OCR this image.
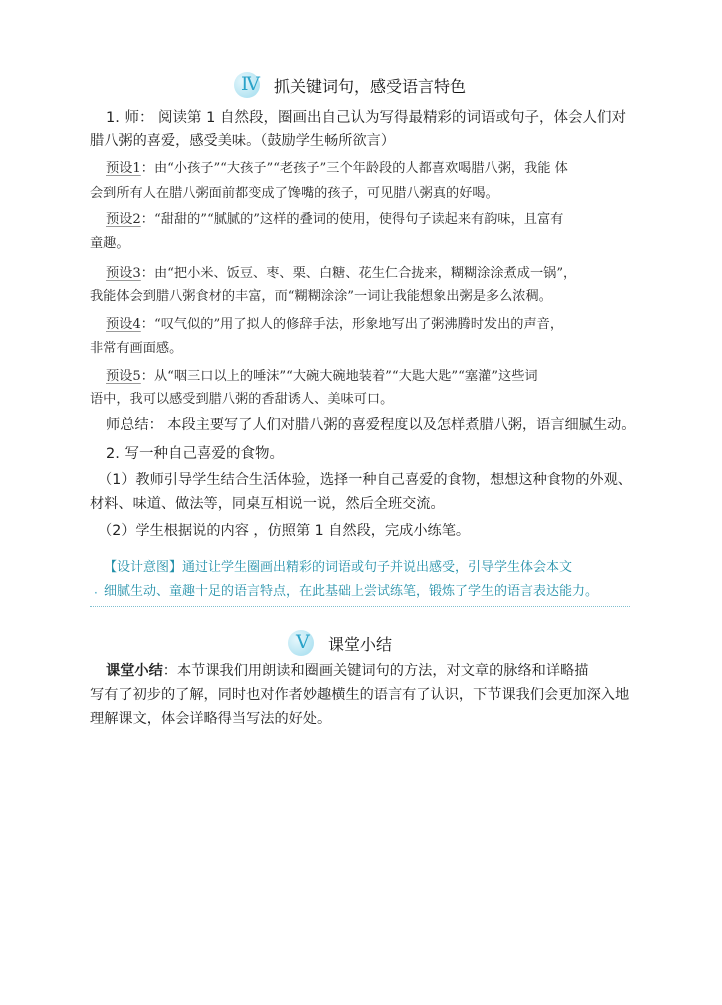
Ⅳ 抓关键词句，感受语言特色
1. 师： 阅读第 1 自然段，圈画出自己认为写得最精彩的词语或句子，体会人们对
腊八粥的喜爱，感受美味。（鼓励学生畅所欲言）
预设1：由“小孩子”“大孩子”“老孩子”三个年龄段的人都喜欢喝腊八粥，我能 体
会到所有人在腊八粥面前都变成了馋嘴的孩子，可见腊八粥真的好喝。
预设2：“甜甜的”“腻腻的”这样的叠词的使用，使得句子读起来有韵味，且富有
童趣。
预设3：由“把小米、饭豆、枣、栗、白糖、花生仁合拢来，糊糊涂涂煮成一锅”，
我能体会到腊八粥食材的丰富，而“糊糊涂涂”一词让我能想象出粥是多么浓稠。
预设4：“叹气似的”用了拟人的修辞手法，形象地写出了粥沸腾时发出的声音，
非常有画面感。
预设5：从“咽三口以上的唾沫”“大碗大碗地装着”“大匙大匙”“塞灌”这些词
语中，我可以感受到腊八粥的香甜诱人、美味可口。
师总结： 本段主要写了人们对腊八粥的喜爱程度以及怎样煮腊八粥，语言细腻生动。
2. 写一种自己喜爱的食物。
（1）教师引导学生结合生活体验，选择一种自己喜爱的食物，想想这种食物的外观、
材料、味道、做法等，同桌互相说一说，然后全班交流。
（2）学生根据说的内容 ，仿照第 1 自然段，完成小练笔。
【设计意图】通过让学生圈画出精彩的词语或句子并说出感受，引导学生体会本文
细腻生动、童趣十足的语言特点，在此基础上尝试练笔，锻炼了学生的语言表达能力。
·
Ⅴ 课堂小结
课堂小结：本节课我们用朗读和圈画关键词句的方法，对文章的脉络和详略描
写有了初步的了解，同时也对作者妙趣横生的语言有了认识，下节课我们会更加深入地
理解课文，体会详略得当写法的好处。
